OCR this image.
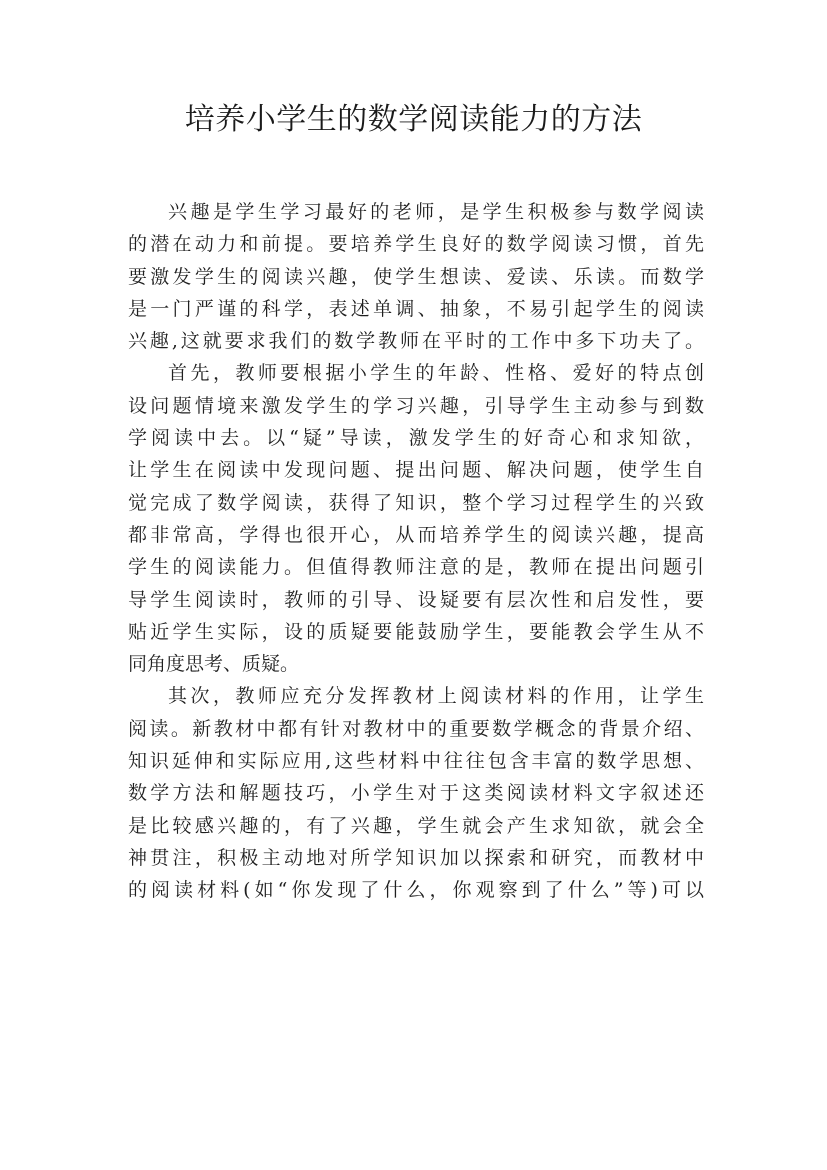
培养小学生的数学阅读能力的方法

兴趣是学生学习最好的老师，是学生积极参与数学阅读
的潜在动力和前提。要培养学生良好的数学阅读习惯，首先
要激发学生的阅读兴趣，使学生想读、爱读、乐读。而数学
是一门严谨的科学，表述单调、抽象，不易引起学生的阅读
兴趣,这就要求我们的数学教师在平时的工作中多下功夫了。

首先，教师要根据小学生的年龄、性格、爱好的特点创
设问题情境来激发学生的学习兴趣，引导学生主动参与到数
学阅读中去。以“疑”导读，激发学生的好奇心和求知欲，
让学生在阅读中发现问题、提出问题、解决问题，使学生自
觉完成了数学阅读，获得了知识，整个学习过程学生的兴致
都非常高，学得也很开心，从而培养学生的阅读兴趣，提高
学生的阅读能力。但值得教师注意的是，教师在提出问题引
导学生阅读时，教师的引导、设疑要有层次性和启发性，要
贴近学生实际，设的质疑要能鼓励学生，要能教会学生从不
同角度思考、质疑。

其次，教师应充分发挥教材上阅读材料的作用，让学生
阅读。新教材中都有针对教材中的重要数学概念的背景介绍、
知识延伸和实际应用,这些材料中往往包含丰富的数学思想、
数学方法和解题技巧，小学生对于这类阅读材料文字叙述还
是比较感兴趣的，有了兴趣，学生就会产生求知欲，就会全
神贯注，积极主动地对所学知识加以探索和研究，而教材中
的阅读材料(如“你发现了什么，你观察到了什么”等)可以
